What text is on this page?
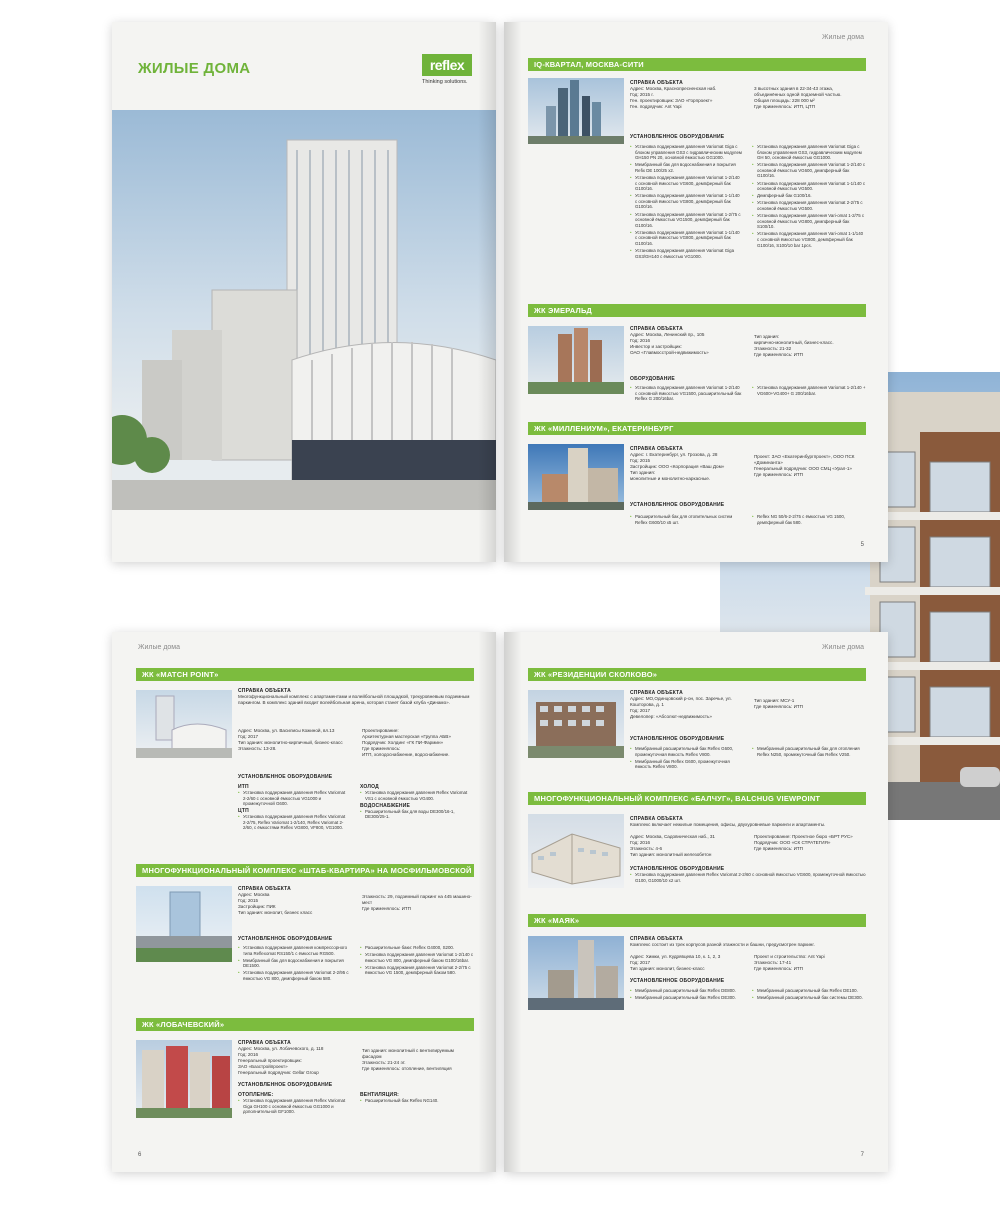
ЖИЛЫЕ ДОМА	reflex
Thinking solutions.
Жилые дома
IQ-КВАРТАЛ, МОСКВА-СИТИ
СПРАВКА ОБЪЕКТА
Адрес: Москва, Краснопресненская наб.
Год: 2015 г.
Ген. проектировщик: ЗАО «Горпроект»
Ген. подрядчик: Ant Yapi
3 высотных здания в 22-34-43 этажа, объединённых одной подземной частью.
Общая площадь: 228 000 м²
Где применялось: ИТП, ЦТП
УСТАНОВЛЕННОЕ ОБОРУДОВАНИЕ
• Установка поддержания давления Variomat Giga с блоком управления GS3 с гидравлическим модулем GH150 PN 20, основной ёмкостью GG1000.
• Мембранный бак для водоснабжения и покрытия Refix DE 100/25 x2.
• Установка поддержания давления Variomat 1-2/140 с основной ёмкостью VG600, демпферный бак G100/16.
• Установка поддержания давления Variomat 1-1/140 с основной ёмкостью VG800, демпферный бак G100/16.
• Установка поддержания давления Variomat 1-2/75 с основной ёмкостью VG1500, демпферный бак G100/16.
• Установка поддержания давления Variomat 1-1/140 с основной ёмкостью VG800, демпферный бак G100/16.
• Установка поддержания давления Variomat Giga GS3/GH140 с ёмкостью VG1000.
• Установка поддержания давления Variomat Giga с блоком управления GS3, гидравлическим модулем GH 50, основной ёмкостью GG1000.
• Установка поддержания давления Variomat 1-2/140 с основной ёмкостью VG600, демпферный бак G100/16.
• Установка поддержания давления Variomat 1-1/140 с основной ёмкостью VG500.
• Демпферный бак G100/16.
• Установка поддержания давления Variomat 2-2/75 с основной ёмкостью VG500.
• Установка поддержания давления Vari-omat 1-2/75 с основной ёмкостью VG800, демпферный бак S100/10.
• Установка поддержания давления Vari-omat 1-1/140 с основной ёмкостью VG800, демпферный бак G100/16, S100/10 bar 1pcs.
ЖК ЭМЕРАЛЬД
СПРАВКА ОБЪЕКТА
Адрес: Москва, Ленинский пр., 105
Год: 2016
Инвестор и застройщик:
ОАО «Главмосстрой-недвижимость»
Тип здания:
кирпично-монолитный, бизнес-класс.
Этажность: 21-32
Где применялось: ИТП
ОБОРУДОВАНИЕ
• Установка поддержания давления Variomat 1-2/140 с основной ёмкостью VG1500, расширительный бак Reflex G 200/16bar.
• Установка поддержания давления Variomat 1-2/140 + VG600+VG400+ G 200/16bar.
ЖК «МИЛЛЕНИУМ», ЕКАТЕРИНБУРГ
СПРАВКА ОБЪЕКТА
Адрес: г. Екатеринбург, ул. Грозова, д. 28
Год: 2015
Застройщик: ООО «Корпорация «Ваш Дом»
Тип здания:
монолитные и монолитно-каркасные.
Проект: ЗАО «Екатеринбургпроект», ООО ПСК «Доминанта»
Генеральный подрядчик: ООО СМЦ «Урал-1»
Где применялось: ИТП
УСТАНОВЛЕННОЕ ОБОРУДОВАНИЕ
• Расширительный бак для отопительных систем Reflex G600/10 x5 шт.
• Reflex NG 50/6-2-2/75 с ёмкостью VG 1500, демпферный бак 580.
5
Жилые дома
ЖК «MATCH POINT»
СПРАВКА ОБЪЕКТА
Многофункциональный комплекс с апартаментами и волейбольной площадкой, трехуровневым подземным паркингом. В комплекс зданий входит волейбольная арена, которая станет базой клуба «Динамо».
Адрес: Москва, ул. Василисы Кожиной, вл.13
Год: 2017
Тип здания: монолитно-кирпичный, бизнес-класс
Этажность: 13-28.
Проектирование:
Архитектурная мастерская «Группа АБВ»
Подрядчик: Холдинг «ГК ПИ-Фармин»
Где применялось:
ИТП, холодоснабжение, водоснабжение.
УСТАНОВЛЕННОЕ ОБОРУДОВАНИЕ
ИТП
• Установка поддержания давления Reflex Variomat 2-2/60 с основной ёмкостью VG1000 и промежуточной G600.
ЦТП
• Установка поддержания давления Reflex Variomat 2-2/75, Reflex Variomat 1-2/140, Reflex Variomat 2-2/60, с ёмкостями Reflex VG800, VF800, VG1000.
ХОЛОД
• Установка поддержания давления Reflex Variomat VS1 с основной ёмкостью VG400.
ВОДОСНАБЖЕНИЕ
• Расширительный бак для воды DE300/16-1, DE300/25-1.
МНОГОФУНКЦИОНАЛЬНЫЙ КОМПЛЕКС «ШТАБ-КВАРТИРА» НА МОСФИЛЬМОВСКОЙ
СПРАВКА ОБЪЕКТА
Адрес: Москва
Год: 2015
Застройщик: ПИК
Тип здания: монолит, бизнес класс
Этажность: 29, подземный паркинг на 445 машино-мест
Где применялось: ИТП
УСТАНОВЛЕННОЕ ОБОРУДОВАНИЕ
• Установка поддержания давления компрессорного типа Reflexomat RS150/1 с ёмкостью RG500.
• Мембранный бак для водоснабжения и покрытия DE1500.
• Установка поддержания давления Variomat 2-2/95 с ёмкостью VG 800, демпферный баком 580.
• Расширительные баки: Reflex G4000, S200.
• Установка поддержания давления Variomat 1-2/140 с ёмкостью VG 800, демпферный баком G100/16bar.
• Установка поддержания давления Variomat 2-2/75 с ёмкостью VG 1500, демпферный баком 580.
ЖК «ЛОБАЧЕВСКИЙ»
СПРАВКА ОБЪЕКТА
Адрес: Москва, ул. Лобачевского, д. 118
Год: 2016
Генеральный проектировщик:
ЗАО «Базстройпроект»
Генеральный подрядчик: Gellar Group
Тип здания: монолитный с вентилируемым фасадом
Этажность: 21-24 эт.
Где применялось: отопление, вентиляция
УСТАНОВЛЕННОЕ ОБОРУДОВАНИЕ
ОТОПЛЕНИЕ:
• Установка поддержания давления Reflex Variomat Giga GH100 с основной ёмкостью GG1000 и дополнительной GF1000.
ВЕНТИЛЯЦИЯ:
• Расширительный бак Reflex NG140.
6
Жилые дома
ЖК «РЕЗИДЕНЦИИ СКОЛКОВО»
СПРАВКА ОБЪЕКТА
Адрес: МО,Одинцовский р-он, пос. Заречье, ул. Кошторова, д. 1
Год: 2017
Девелопер: «Абсолют-недвижимость»
Тип здания: МСУ-1
Где применялось: ИТП
УСТАНОВЛЕННОЕ ОБОРУДОВАНИЕ
• Мембранный расширительный бак Reflex G600, промежуточная ёмкость Reflex V800.
• Мембранный бак Reflex G600, промежуточная ёмкость Reflex V800.
• Мембранный расширительный бак для отопления Reflex N250, промежуточный бак Reflex V250.
МНОГОФУНКЦИОНАЛЬНЫЙ КОМПЛЕКС «БАЛЧУГ», BALCHUG VIEWPOINT
СПРАВКА ОБЪЕКТА
Комплекс включает нежилые помещения, офисы, двухуровневые паркинги и апартаменты.
Адрес: Москва, Садовническая наб., 31
Год: 2016
Этажность: 4-6
Тип здания: монолитный железобетон
Проектирование: Проектное бюро «БРТ РУС»
Подрядчик: ООО «СК СТРАТЕГИЯ»
Где применялось: ИТП
УСТАНОВЛЕННОЕ ОБОРУДОВАНИЕ
• Установка поддержания давления Reflex Variomat 2-2/60 с основной ёмкостью VG600, промежуточной ёмкостью G100, G1000/10 x2 шт.
ЖК «МАЯК»
СПРАВКА ОБЪЕКТА
Комплекс состоит из трех корпусов разной этажности и башни, предусмотрен паркинг.
Адрес: Химки, ул. Кудрявцева 10, к. 1, 2, 3
Год: 2017
Тип здания: монолит, бизнес-класс
Проект и строительство: Ant Yapi
Этажность: 17-41
Где применялось: ИТП
УСТАНОВЛЕННОЕ ОБОРУДОВАНИЕ
• Мембранный расширительный бак Reflex DE800.
• Мембранный расширительный бак Reflex DE300.
• Мембранный расширительный бак Reflex DE100.
• Мембранный расширительный бак системы DE300.
7
